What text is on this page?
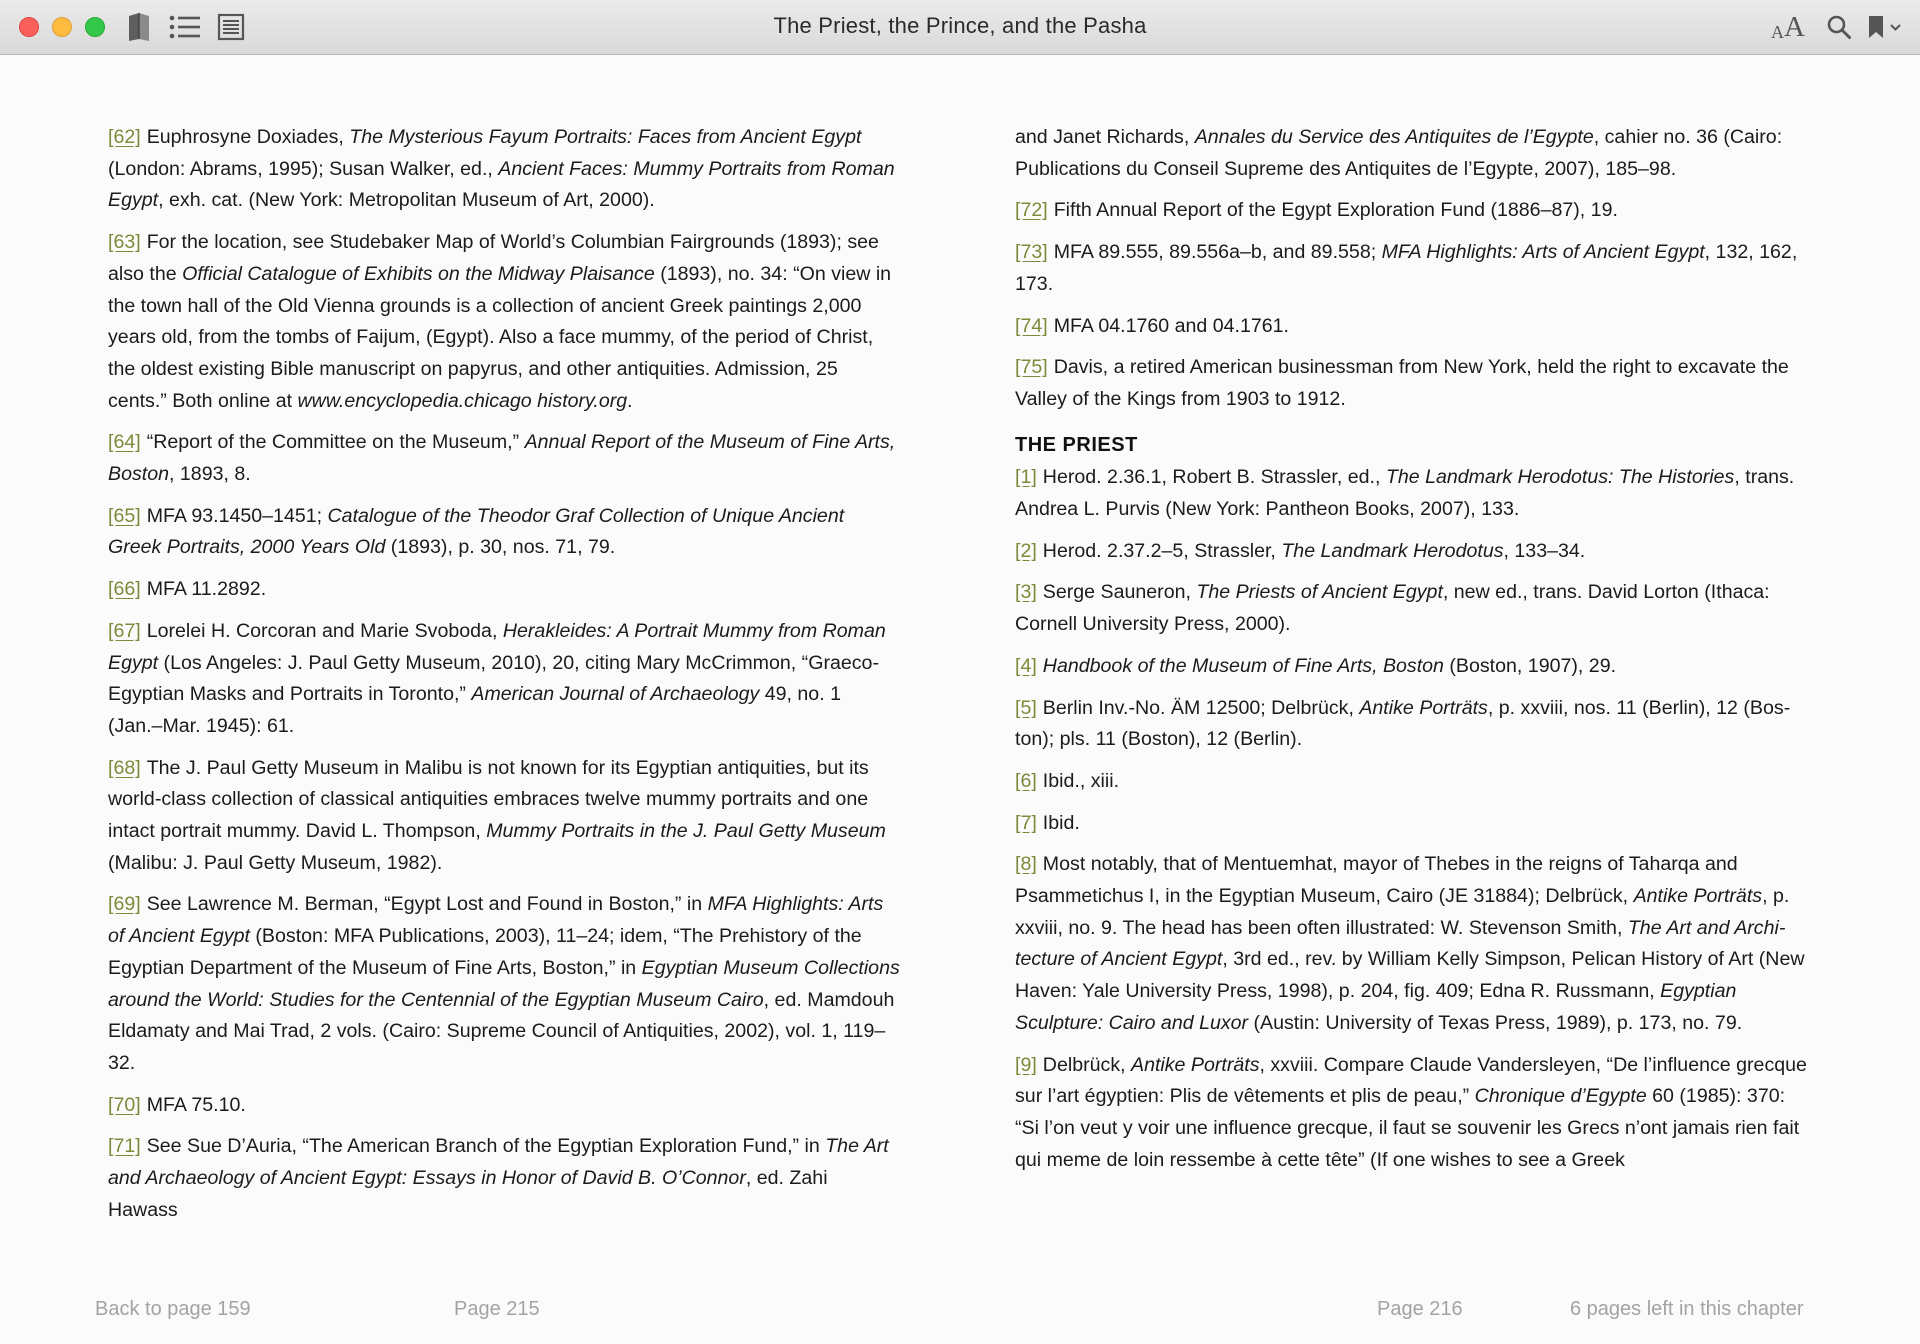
The Priest, the Prince, and the Pasha	A A
[62] Euphrosyne Doxiades, The Mysterious Fayum Portraits: Faces from Ancient Egypt (London: Abrams, 1995); Susan Walker, ed., Ancient Faces: Mummy Portraits from Roman Egypt, exh. cat. (New York: Metropolitan Museum of Art, 2000).
[63] For the location, see Studebaker Map of World’s Columbian Fairgrounds (1893); see also the Official Catalogue of Exhibits on the Midway Plaisance (1893), no. 34: “On view in the town hall of the Old Vienna grounds is a collection of ancient Greek paintings 2,000 years old, from the tombs of Faijum, (Egypt). Also a face mummy, of the period of Christ, the oldest existing Bible manuscript on papyrus, and other antiquities. Admission, 25 cents.” Both online at www.encyclopedia.chicago history.org.
[64] “Report of the Committee on the Museum,” Annual Report of the Museum of Fine Arts, Boston, 1893, 8.
[65] MFA 93.1450–1451; Catalogue of the Theodor Graf Collection of Unique Ancient Greek Portraits, 2000 Years Old (1893), p. 30, nos. 71, 79.
[66] MFA 11.2892.
[67] Lorelei H. Corcoran and Marie Svoboda, Herakleides: A Portrait Mummy from Roman Egypt (Los Angeles: J. Paul Getty Museum, 2010), 20, citing Mary McCrimmon, “Graeco-Egyptian Masks and Portraits in Toronto,” American Journal of Archaeology 49, no. 1 (Jan.–Mar. 1945): 61.
[68] The J. Paul Getty Museum in Malibu is not known for its Egyptian antiquities, but its world-class collection of classical antiquities embraces twelve mummy portraits and one intact portrait mummy. David L. Thompson, Mummy Portraits in the J. Paul Getty Museum (Malibu: J. Paul Getty Museum, 1982).
[69] See Lawrence M. Berman, “Egypt Lost and Found in Boston,” in MFA Highlights: Arts of Ancient Egypt (Boston: MFA Publications, 2003), 11–24; idem, “The Prehistory of the Egyptian Department of the Museum of Fine Arts, Boston,” in Egyptian Museum Collections around the World: Studies for the Centennial of the Egyptian Museum Cairo, ed. Mamdouh Eldamaty and Mai Trad, 2 vols. (Cairo: Supreme Council of Antiquities, 2002), vol. 1, 119–32.
[70] MFA 75.10.
[71] See Sue D’Auria, “The American Branch of the Egyptian Exploration Fund,” in The Art and Archaeology of Ancient Egypt: Essays in Honor of David B. O’Connor, ed. Zahi Hawass
and Janet Richards, Annales du Service des Antiquites de l’Egypte, cahier no. 36 (Cairo: Publications du Conseil Supreme des Antiquites de l’Egypte, 2007), 185–98.
[72] Fifth Annual Report of the Egypt Exploration Fund (1886–87), 19.
[73] MFA 89.555, 89.556a–b, and 89.558; MFA Highlights: Arts of Ancient Egypt, 132, 162, 173.
[74] MFA 04.1760 and 04.1761.
[75] Davis, a retired American businessman from New York, held the right to excavate the Valley of the Kings from 1903 to 1912.
THE PRIEST
[1] Herod. 2.36.1, Robert B. Strassler, ed., The Landmark Herodotus: The Histories, trans. Andrea L. Purvis (New York: Pantheon Books, 2007), 133.
[2] Herod. 2.37.2–5, Strassler, The Landmark Herodotus, 133–34.
[3] Serge Sauneron, The Priests of Ancient Egypt, new ed., trans. David Lorton (Ithaca: Cornell University Press, 2000).
[4] Handbook of the Museum of Fine Arts, Boston (Boston, 1907), 29.
[5] Berlin Inv.-No. ÄM 12500; Delbrück, Antike Porträts, p. xxviii, nos. 11 (Berlin), 12 (Boston); pls. 11 (Boston), 12 (Berlin).
[6] Ibid., xiii.
[7] Ibid.
[8] Most notably, that of Mentuemhat, mayor of Thebes in the reigns of Taharqa and Psammetichus I, in the Egyptian Museum, Cairo (JE 31884); Delbrück, Antike Porträts, p. xxviii, no. 9. The head has been often illustrated: W. Stevenson Smith, The Art and Architecture of Ancient Egypt, 3rd ed., rev. by William Kelly Simpson, Pelican History of Art (New Haven: Yale University Press, 1998), p. 204, fig. 409; Edna R. Russmann, Egyptian Sculpture: Cairo and Luxor (Austin: University of Texas Press, 1989), p. 173, no. 79.
[9] Delbrück, Antike Porträts, xxviii. Compare Claude Vandersleyen, “De l’influence grecque sur l’art égyptien: Plis de vêtements et plis de peau,” Chronique d’Egypte 60 (1985): 370: “Si l’on veut y voir une influence grecque, il faut se souvenir les Grecs n’ont jamais rien fait qui meme de loin ressembe à cette tête” (If one wishes to see a Greek
Back to page 159	Page 215	Page 216	6 pages left in this chapter
